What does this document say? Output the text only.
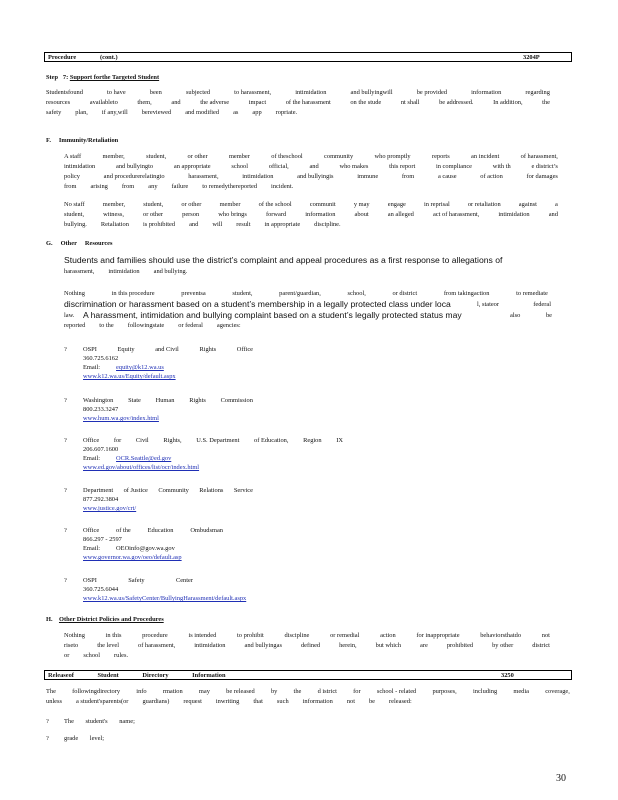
Procedure	(cont.)	3204P
Step 7: Support forthe Targeted Student
Studentsfound	to have	been	subjected	to harassment,	intimidation	and bullyingwill	be provided	information	regarding
resources	availableto	them,	and	the adverse	impact	of the harassment	on the stude	nt shall	be addressed.	In addition,	the
safety plan, if any,will bereviewed and modified as app ropriate.
F. Immunity/Retaliation
A staff	member,	student,	or other	member	of theschool	community	who promptly	reports	an incident	of harassment,
intimidation	and bullyingto	an appropriate	school	official,	and	who makes	this report	in compliance	with th	e district’s
policy	and procedurerelatingto	harassment,	intimidation	and bullyingis	immune	from	a cause	of action	for damages
from arising from any failure to remedythereported incident.
No staff	member,	student,	or other	member	of the school	communit	y may	engage	in reprisal	or retaliation	against	a
student,	witness,	or other	person	who brings	forward	information	about	an alleged	act of harassment,	intimidation	and
bullying. Retaliation is prohibited and will result in appropriate discipline.
G. Other Resources
Students and families should use the district’s complaint and appeal procedures as a first response to allegations of
harassment, intimidation and bullying.
Nothing	in this procedure	preventsa	student,	parent/guardian,	school,	or district	from takingaction	to remediate
discrimination or harassment based on a student’s membership in a legally protected class under loca	l, stateor	federal
law. A harassment, intimidation and bullying complaint based on a student’s legally protected status may	also	be
reported to the followingstate or federal agencies:
?	OSPI	Equity	and Civil	Rights	Office
360.725.6162
Email:	equity@k12.wa.us
www.k12.wa.us/Equity/default.aspx
?	Washington State Human Rights Commission
800.233.3247
www.hum.wa.gov/index.html
?	Office for Civil Rights, U.S. Department of Education, Region IX
206.607.1600
Email:	OCR.Seattle@ed.gov
www.ed.gov/about/offices/list/ocr/index.html
?	Department of Justice Community Relations Service
877.292.3804
www.justice.gov/crt/
?	Office	of the	Education	Ombudsman
866.297 - 2597
Email:	OEOinfo@gov.wa.gov
www.governor.wa.gov/oeo/default.asp
?	OSPI	Safety	Center
360.725.6044
www.k12.wa.us/SafetyCenter/BullyingHarassment/default.aspx
H. Other District Policies and Procedures
Nothing	in this	procedure	is intended	to prohibit	discipline	or remedial	action	for inappropriate	behaviorsthatdo	not
riseto	the level	of harassment,	intimidation	and bullyingas	defined	herein,	but which	are	prohibited	by other	district
or school rules.
Releaseof Student Directory Information	3250
The	followingdirectory	info	rmation	may	be released	by	the	d istrict	for	school - related	purposes,	including	media	coverage,
unless a student'sparents(or guardians) request inwriting that such information not be released:
? The student's name;
? grade level;
30
